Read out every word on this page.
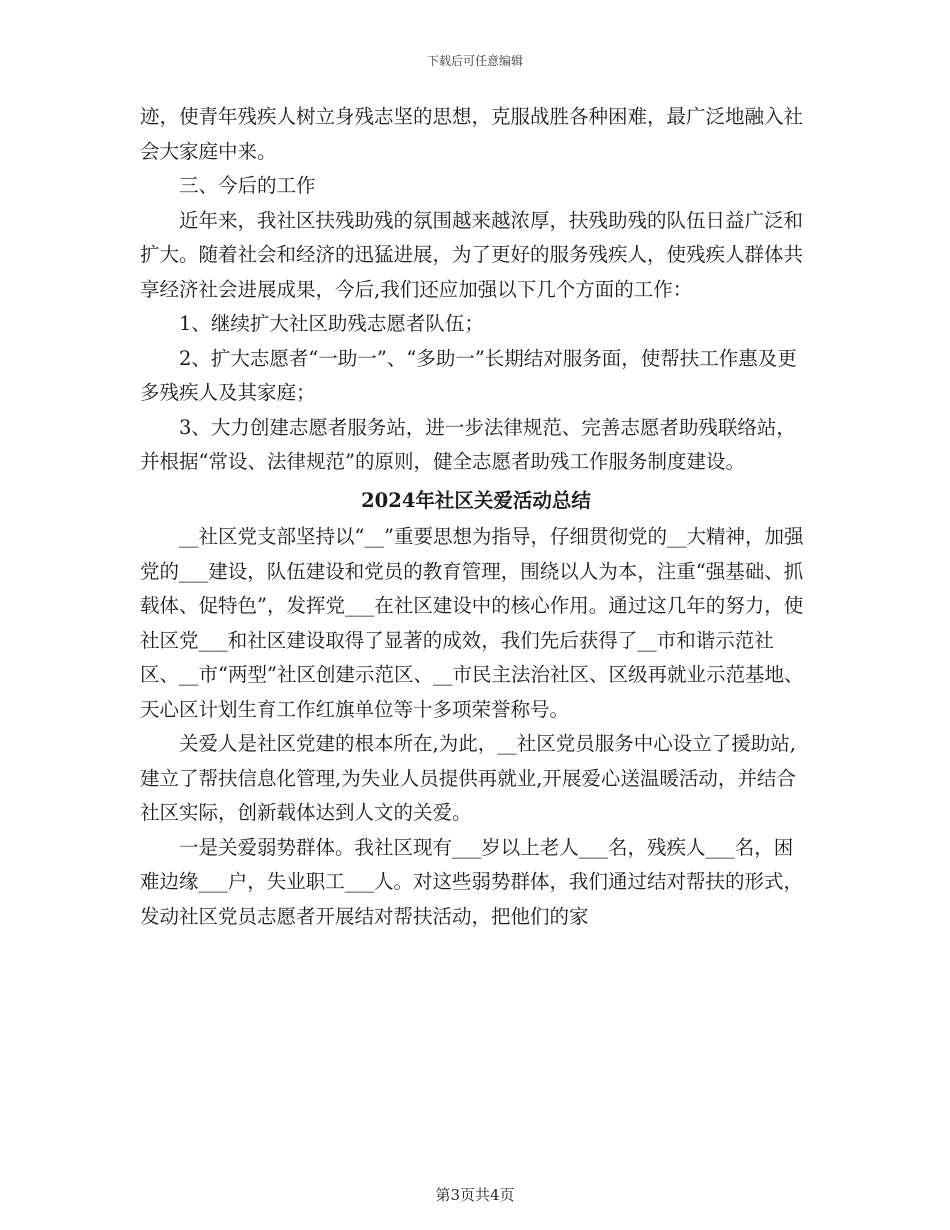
下载后可任意编辑

迹，使青年残疾人树立身残志坚的思想，克服战胜各种困难，最广泛地融入社会大家庭中来。

三、今后的工作

近年来，我社区扶残助残的氛围越来越浓厚，扶残助残的队伍日益广泛和扩大。随着社会和经济的迅猛进展，为了更好的服务残疾人，使残疾人群体共享经济社会进展成果，今后,我们还应加强以下几个方面的工作：

1、继续扩大社区助残志愿者队伍；

2、扩大志愿者“一助一”、“多助一”长期结对服务面，使帮扶工作惠及更多残疾人及其家庭；

3、大力创建志愿者服务站，进一步法律规范、完善志愿者助残联络站，并根据“常设、法律规范”的原则，健全志愿者助残工作服务制度建设。

2024年社区关爱活动总结

__社区党支部坚持以“__”重要思想为指导，仔细贯彻党的__大精神，加强党的___建设，队伍建设和党员的教育管理，围绕以人为本，注重“强基础、抓载体、促特色”，发挥党___在社区建设中的核心作用。通过这几年的努力，使社区党___和社区建设取得了显著的成效，我们先后获得了__市和谐示范社区、__市“两型”社区创建示范区、__市民主法治社区、区级再就业示范基地、天心区计划生育工作红旗单位等十多项荣誉称号。

关爱人是社区党建的根本所在,为此，__社区党员服务中心设立了援助站,建立了帮扶信息化管理,为失业人员提供再就业,开展爱心送温暖活动，并结合社区实际，创新载体达到人文的关爱。

一是关爱弱势群体。我社区现有___岁以上老人___名，残疾人___名，困难边缘___户，失业职工___人。对这些弱势群体，我们通过结对帮扶的形式，发动社区党员志愿者开展结对帮扶活动，把他们的家

第3页共4页
